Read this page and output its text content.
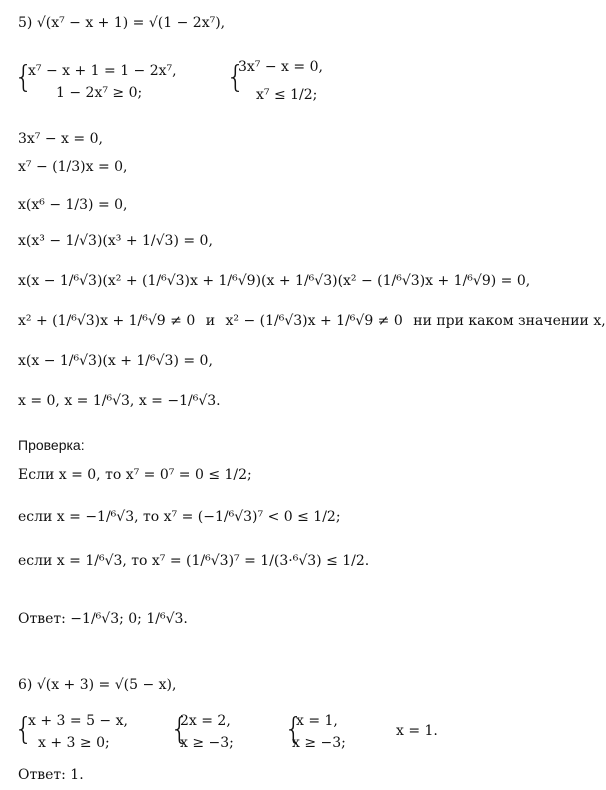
5) √(x⁷ − x + 1) = √(1 − 2x⁷),
{
x⁷ − x + 1 = 1 − 2x⁷,
1 − 2x⁷ ≥ 0;	{
3x⁷ − x = 0,
x⁷ ≤ 1/2;
3x⁷ − x = 0,
x⁷ − (1/3)x = 0,
x(x⁶ − 1/3) = 0,
x(x³ − 1/√3)(x³ + 1/√3) = 0,
x(x − 1/⁶√3)(x² + (1/⁶√3)x + 1/⁶√9)(x + 1/⁶√3)(x² − (1/⁶√3)x + 1/⁶√9) = 0,
x² + (1/⁶√3)x + 1/⁶√9 ≠ 0 и x² − (1/⁶√3)x + 1/⁶√9 ≠ 0 ни при каком значении x,
x(x − 1/⁶√3)(x + 1/⁶√3) = 0,
x = 0, x = 1/⁶√3, x = −1/⁶√3.
Проверка:
Если x = 0, то x⁷ = 0⁷ = 0 ≤ 1/2;
если x = −1/⁶√3, то x⁷ = (−1/⁶√3)⁷ < 0 ≤ 1/2;
если x = 1/⁶√3, то x⁷ = (1/⁶√3)⁷ = 1/(3·⁶√3) ≤ 1/2.
Ответ: −1/⁶√3; 0; 1/⁶√3.
6) √(x + 3) = √(5 − x),
{
x + 3 = 5 − x,
x + 3 ≥ 0; {
2x = 2,
x ≥ −3; {
x = 1,
x ≥ −3;
x = 1.
Ответ: 1.
